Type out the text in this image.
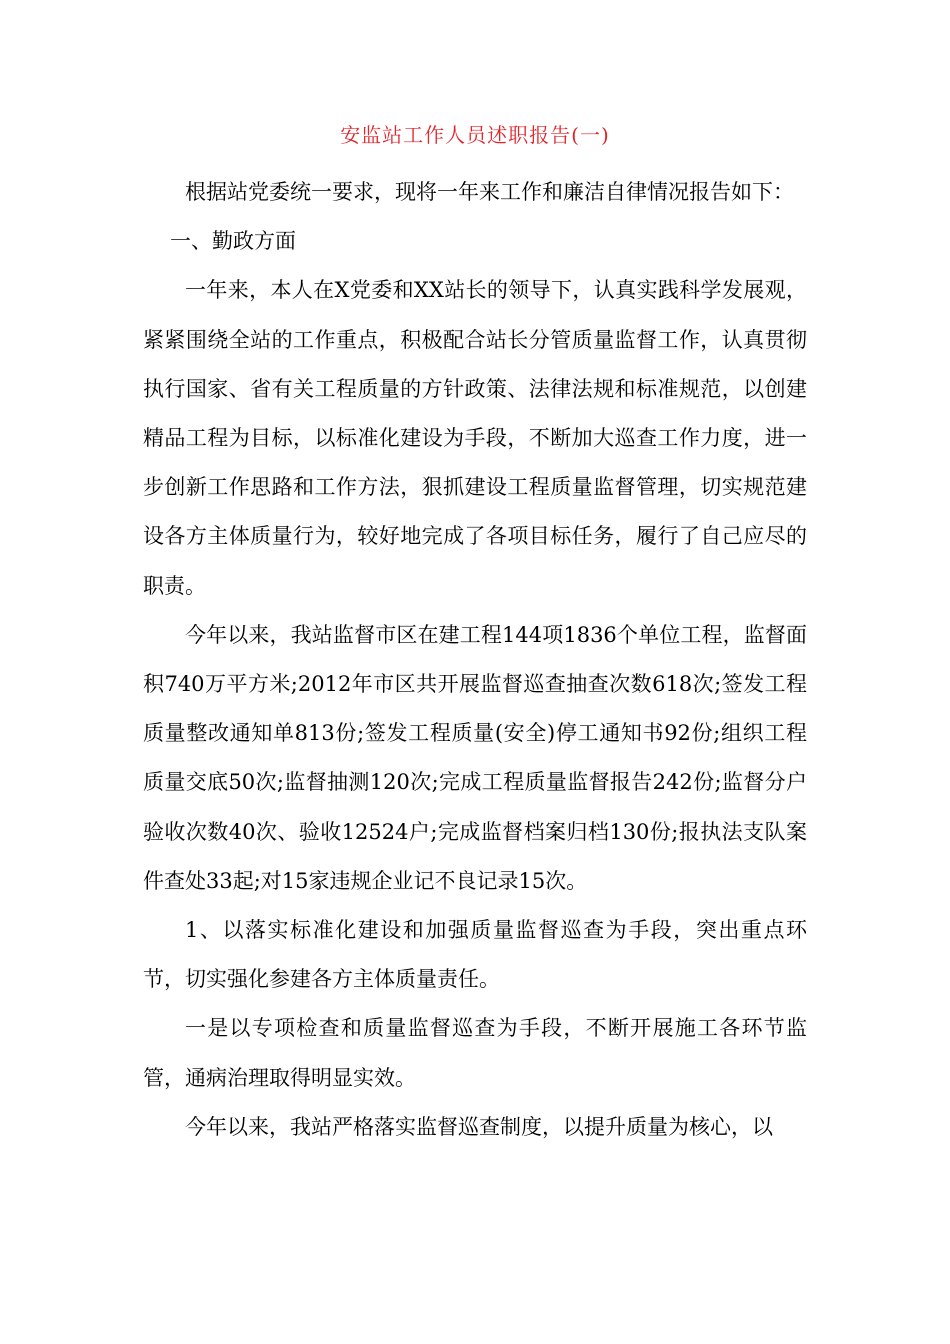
安监站工作人员述职报告(一)

根据站党委统一要求，现将一年来工作和廉洁自律情况报告如下：

一、勤政方面

一年来，本人在X党委和XX站长的领导下，认真实践科学发展观，紧紧围绕全站的工作重点，积极配合站长分管质量监督工作，认真贯彻执行国家、省有关工程质量的方针政策、法律法规和标准规范，以创建精品工程为目标，以标准化建设为手段，不断加大巡查工作力度，进一步创新工作思路和工作方法，狠抓建设工程质量监督管理，切实规范建设各方主体质量行为，较好地完成了各项目标任务，履行了自己应尽的职责。

今年以来，我站监督市区在建工程144项1836个单位工程，监督面积740万平方米;2012年市区共开展监督巡查抽查次数618次;签发工程质量整改通知单813份;签发工程质量(安全)停工通知书92份;组织工程质量交底50次;监督抽测120次;完成工程质量监督报告242份;监督分户验收次数40次、验收12524户;完成监督档案归档130份;报执法支队案件查处33起;对15家违规企业记不良记录15次。

1、以落实标准化建设和加强质量监督巡查为手段，突出重点环节，切实强化参建各方主体质量责任。

一是以专项检查和质量监督巡查为手段，不断开展施工各环节监管，通病治理取得明显实效。

今年以来，我站严格落实监督巡查制度，以提升质量为核心，以
